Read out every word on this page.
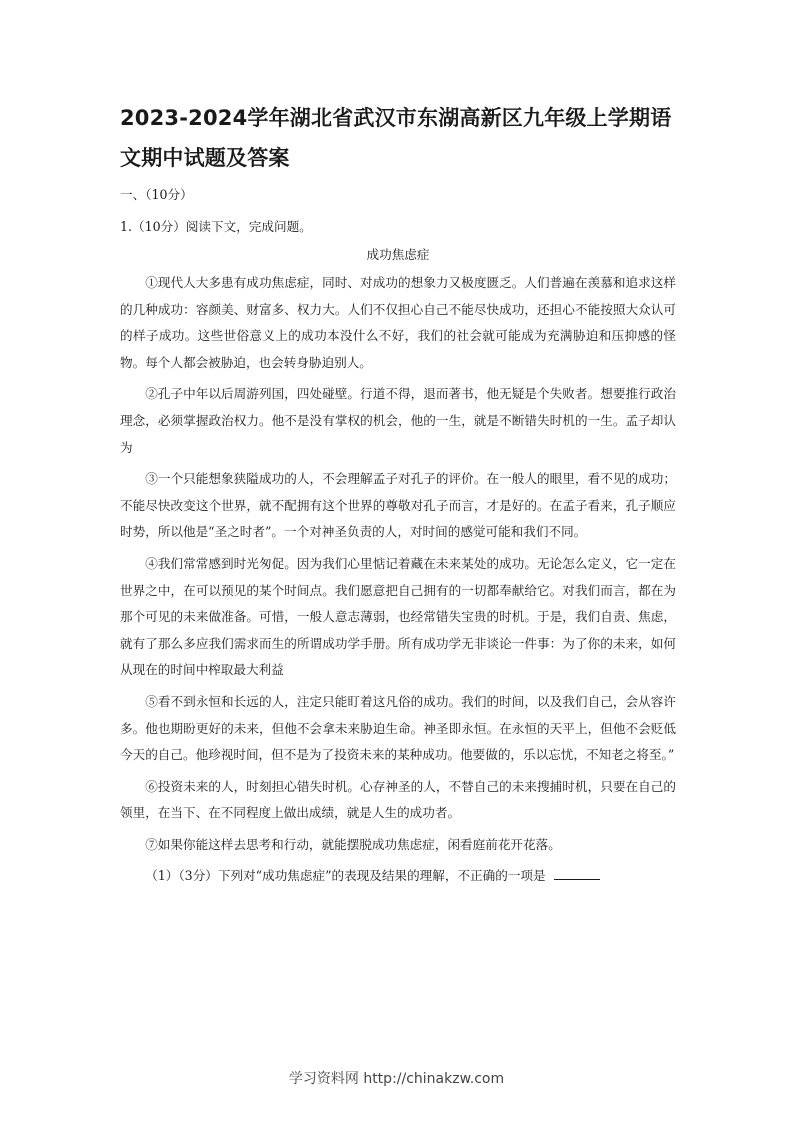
2023-2024学年湖北省武汉市东湖高新区九年级上学期语文期中试题及答案

一、（10分）

1.（10分）阅读下文，完成问题。

成功焦虑症

①现代人大多患有成功焦虑症，同时、对成功的想象力又极度匮乏。人们普遍在羡慕和追求这样的几种成功：容颜美、财富多、权力大。人们不仅担心自己不能尽快成功，还担心不能按照大众认可的样子成功。这些世俗意义上的成功本没什么不好，我们的社会就可能成为充满胁迫和压抑感的怪物。每个人都会被胁迫，也会转身胁迫别人。

②孔子中年以后周游列国，四处碰壁。行道不得，退而著书，他无疑是个失败者。想要推行政治理念，必须掌握政治权力。他不是没有掌权的机会，他的一生，就是不断错失时机的一生。孟子却认为

③一个只能想象狭隘成功的人，不会理解孟子对孔子的评价。在一般人的眼里，看不见的成功；不能尽快改变这个世界，就不配拥有这个世界的尊敬对孔子而言，才是好的。在孟子看来，孔子顺应时势，所以他是“圣之时者”。一个对神圣负责的人，对时间的感觉可能和我们不同。

④我们常常感到时光匆促。因为我们心里惦记着藏在未来某处的成功。无论怎么定义，它一定在世界之中，在可以预见的某个时间点。我们愿意把自己拥有的一切都奉献给它。对我们而言，都在为那个可见的未来做准备。可惜，一般人意志薄弱，也经常错失宝贵的时机。于是，我们自责、焦虑，就有了那么多应我们需求而生的所谓成功学手册。所有成功学无非谈论一件事：为了你的未来，如何从现在的时间中榨取最大利益

⑤看不到永恒和长远的人，注定只能盯着这凡俗的成功。我们的时间，以及我们自己，会从容许多。他也期盼更好的未来，但他不会拿未来胁迫生命。神圣即永恒。在永恒的天平上，但他不会贬低今天的自己。他珍视时间，但不是为了投资未来的某种成功。他要做的，乐以忘忧，不知老之将至。”

⑥投资未来的人，时刻担心错失时机。心存神圣的人，不替自己的未来搜捕时机，只要在自己的领里，在当下、在不同程度上做出成绩，就是人生的成功者。

⑦如果你能这样去思考和行动，就能摆脱成功焦虑症，闲看庭前花开花落。

（1）（3分）下列对“成功焦虑症”的表现及结果的理解，不正确的一项是

学习资料网 http://chinakzw.com
